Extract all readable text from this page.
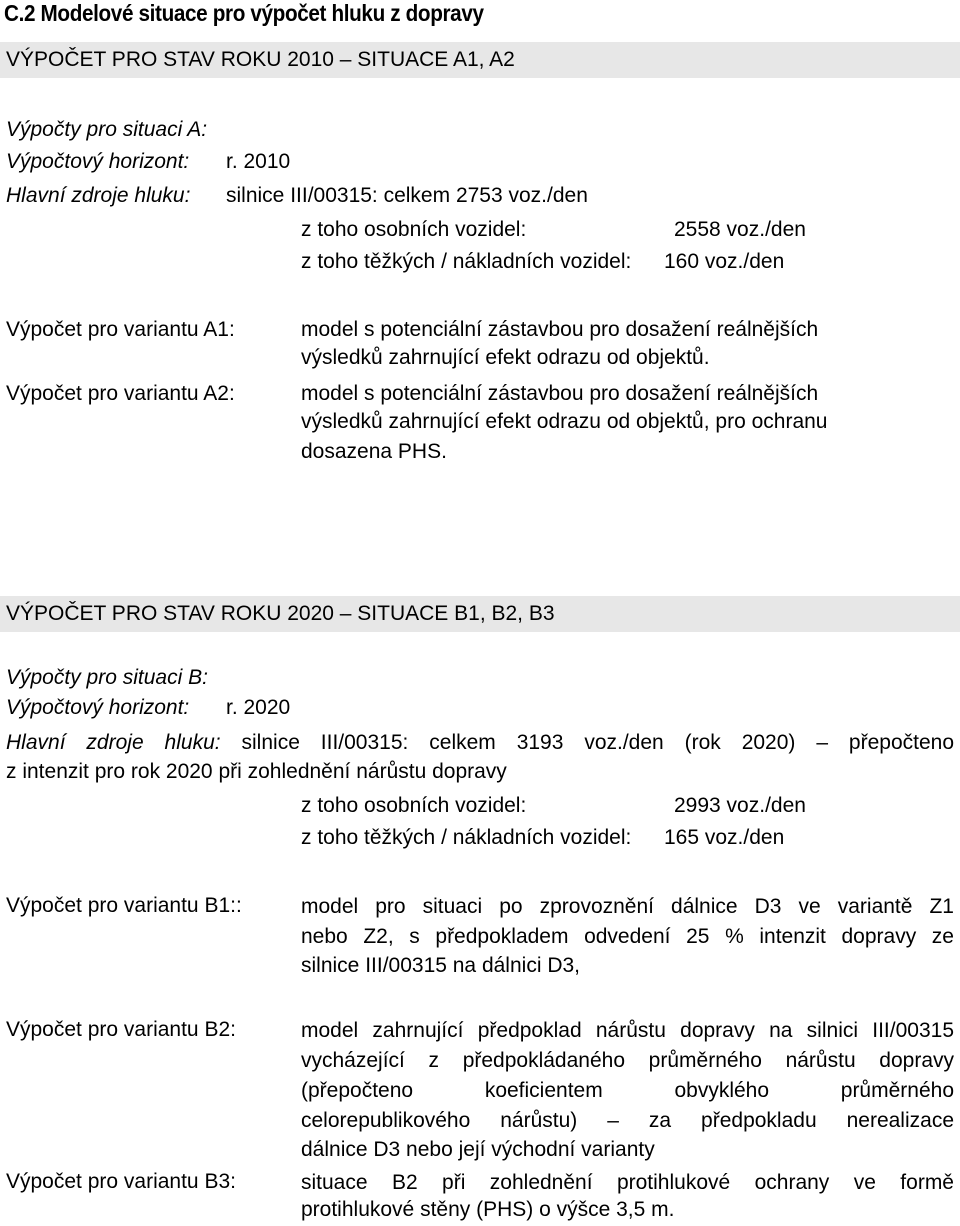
C.2 Modelové situace pro výpočet hluku z dopravy
VÝPOČET PRO STAV ROKU 2010 – SITUACE A1, A2
Výpočty pro situaci A:
Výpočtový horizont: r. 2010
Hlavní zdroje hluku: silnice III/00315: celkem 2753 voz./den
z toho osobních vozidel:	2558 voz./den
z toho těžkých / nákladních vozidel: 160 voz./den
Výpočet pro variantu A1:	model s potenciální zástavbou pro dosažení reálnějších
výsledků zahrnující efekt odrazu od objektů.
Výpočet pro variantu A2:	model s potenciální zástavbou pro dosažení reálnějších
výsledků zahrnující efekt odrazu od objektů, pro ochranu
dosazena PHS.
VÝPOČET PRO STAV ROKU 2020 – SITUACE B1, B2, B3
Výpočty pro situaci B:
Výpočtový horizont: r. 2020
Hlavní zdroje hluku: silnice III/00315: celkem 3193 voz./den (rok 2020) – přepočteno
z intenzit pro rok 2020 při zohlednění nárůstu dopravy
z toho osobních vozidel:	2993 voz./den
z toho těžkých / nákladních vozidel: 165 voz./den
Výpočet pro variantu B1::	model pro situaci po zprovoznění dálnice D3 ve variantě Z1
nebo Z2, s předpokladem odvedení 25 % intenzit dopravy ze
silnice III/00315 na dálnici D3,
Výpočet pro variantu B2:	model zahrnující předpoklad nárůstu dopravy na silnici III/00315
vycházející z předpokládaného průměrného nárůstu dopravy
(přepočteno koeficientem obvyklého průměrného
celorepublikového nárůstu) – za předpokladu nerealizace
dálnice D3 nebo její východní varianty
Výpočet pro variantu B3:	situace B2 při zohlednění protihlukové ochrany ve formě
protihlukové stěny (PHS) o výšce 3,5 m.
